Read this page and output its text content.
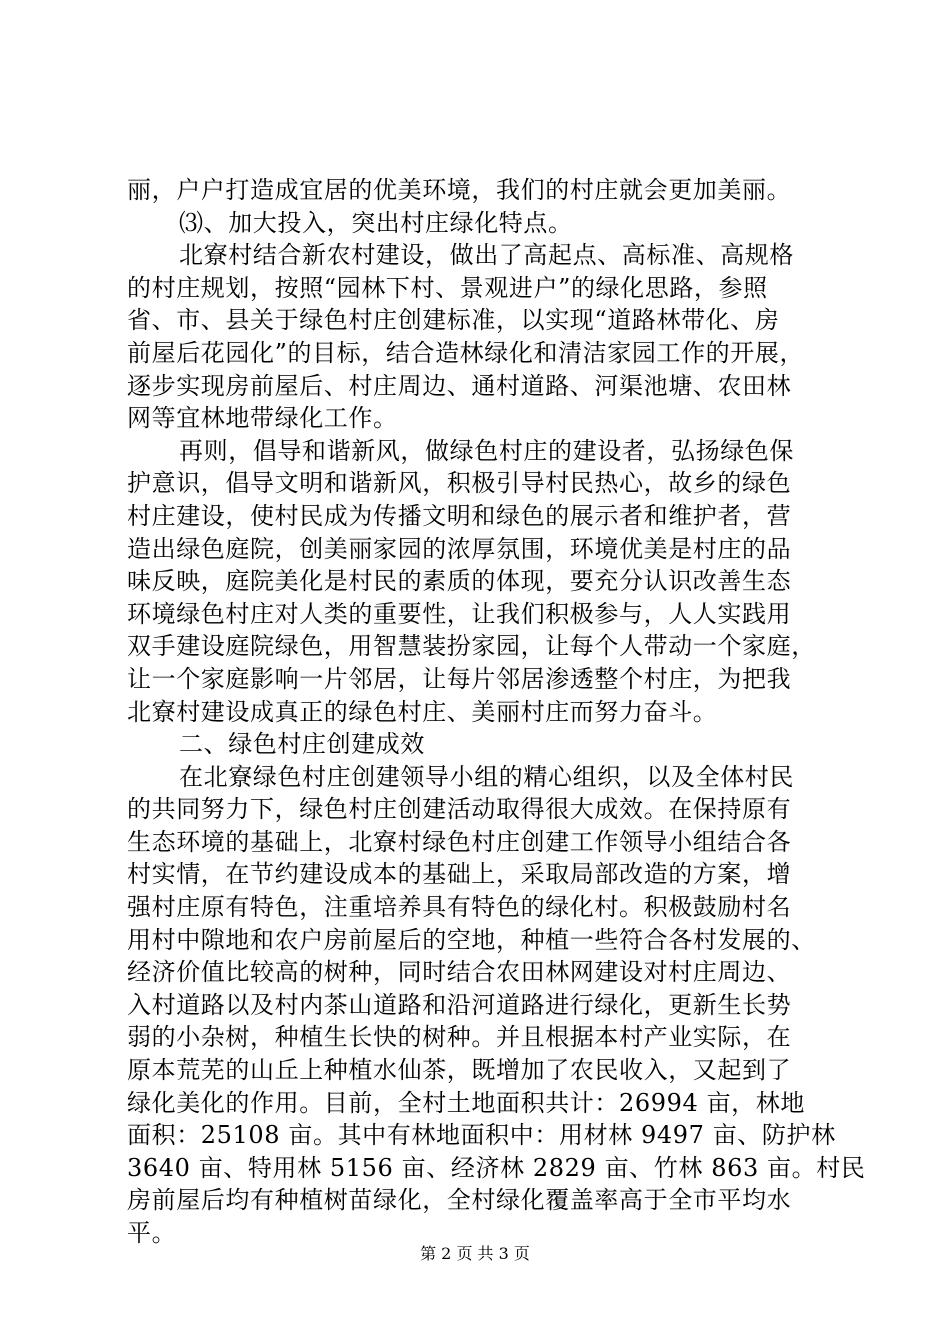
丽，户户打造成宜居的优美环境，我们的村庄就会更加美丽。
⑶、加大投入，突出村庄绿化特点。
北寮村结合新农村建设，做出了高起点、高标准、高规格
的村庄规划，按照“园林下村、景观进户”的绿化思路，参照
省、市、县关于绿色村庄创建标准，以实现“道路林带化、房
前屋后花园化”的目标，结合造林绿化和清洁家园工作的开展，
逐步实现房前屋后、村庄周边、通村道路、河渠池塘、农田林
网等宜林地带绿化工作。
再则，倡导和谐新风，做绿色村庄的建设者，弘扬绿色保
护意识，倡导文明和谐新风，积极引导村民热心，故乡的绿色
村庄建设，使村民成为传播文明和绿色的展示者和维护者，营
造出绿色庭院，创美丽家园的浓厚氛围，环境优美是村庄的品
味反映，庭院美化是村民的素质的体现，要充分认识改善生态
环境绿色村庄对人类的重要性，让我们积极参与，人人实践用
双手建设庭院绿色，用智慧装扮家园，让每个人带动一个家庭，
让一个家庭影响一片邻居，让每片邻居渗透整个村庄，为把我
北寮村建设成真正的绿色村庄、美丽村庄而努力奋斗。
二、绿色村庄创建成效
在北寮绿色村庄创建领导小组的精心组织，以及全体村民
的共同努力下，绿色村庄创建活动取得很大成效。在保持原有
生态环境的基础上，北寮村绿色村庄创建工作领导小组结合各
村实情，在节约建设成本的基础上，采取局部改造的方案，增
强村庄原有特色，注重培养具有特色的绿化村。积极鼓励村名
用村中隙地和农户房前屋后的空地，种植一些符合各村发展的、
经济价值比较高的树种，同时结合农田林网建设对村庄周边、
入村道路以及村内茶山道路和沿河道路进行绿化，更新生长势
弱的小杂树，种植生长快的树种。并且根据本村产业实际，在
原本荒芜的山丘上种植水仙茶，既增加了农民收入，又起到了
绿化美化的作用。目前，全村土地面积共计：26994 亩，林地
面积：25108 亩。其中有林地面积中：用材林 9497 亩、防护林
3640 亩、特用林 5156 亩、经济林 2829 亩、竹林 863 亩。村民
房前屋后均有种植树苗绿化，全村绿化覆盖率高于全市平均水
平。
第 2 页 共 3 页
